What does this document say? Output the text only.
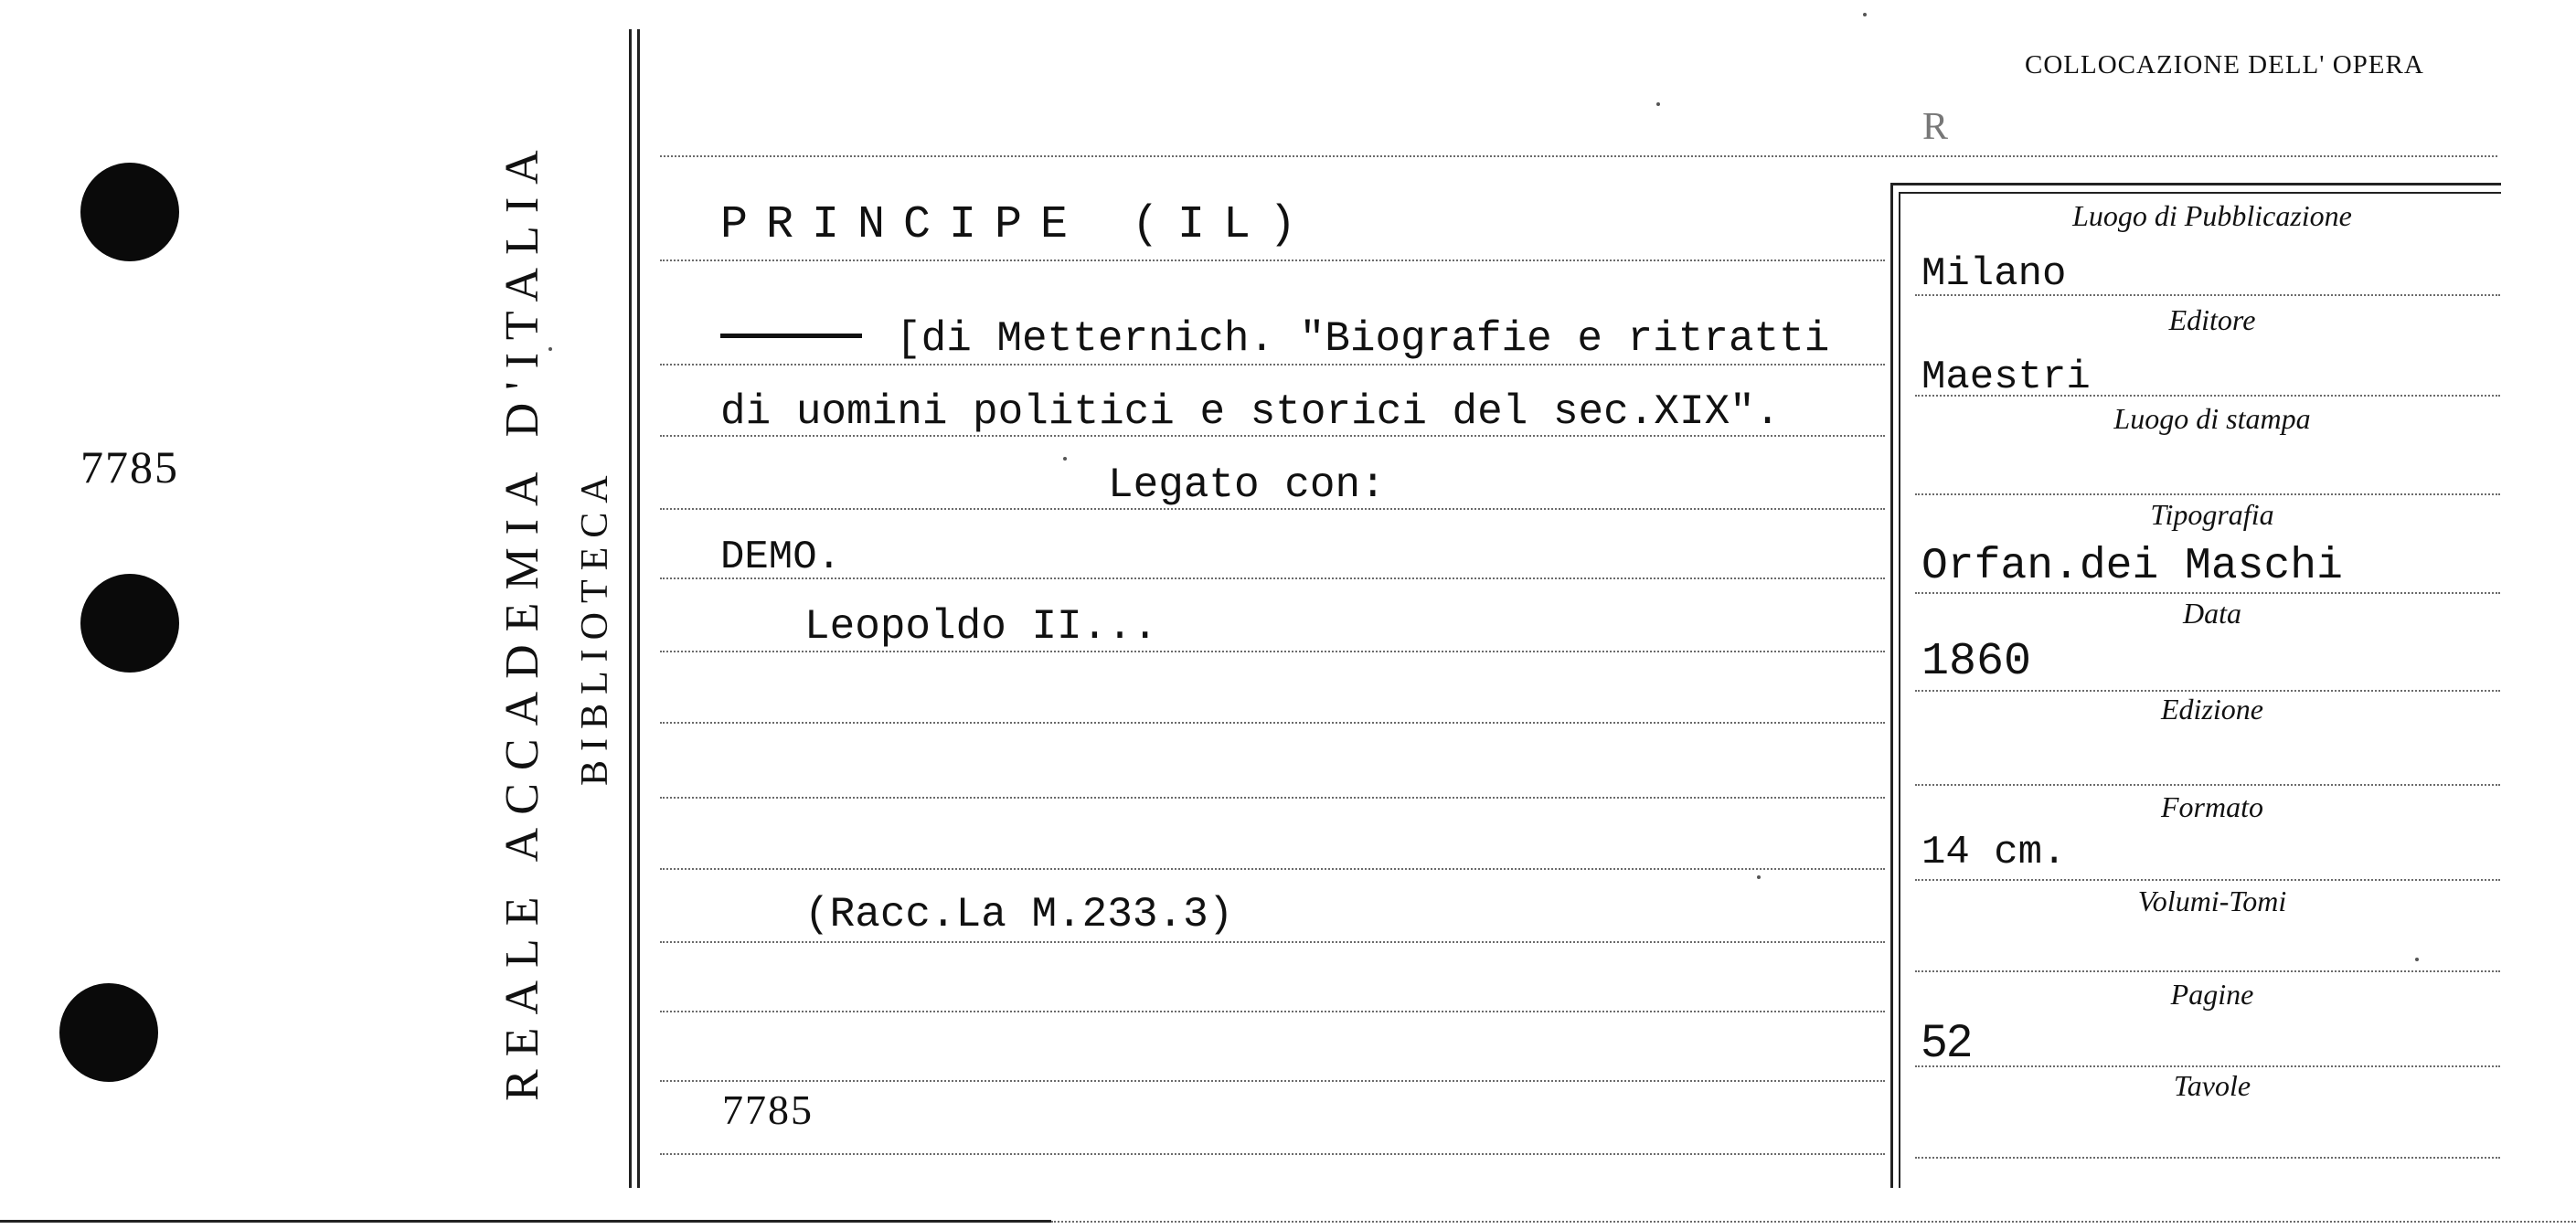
7785	REALE ACCADEMIA D'ITALIA BIBLIOTECA
COLLOCAZIONE DELL' OPERA
R
PRINCIPE (IL)
[di Metternich. "Biografie e ritratti
di uomini politici e storici del sec.XIX".
Legato con:
DEMO.
Leopoldo II...
(Racc.La M.233.3)
7785
Luogo di Pubblicazione
Milano
Editore
Maestri
Luogo di stampa
Tipografia
Orfan.dei Maschi
Data
1860
Edizione
Formato
14 cm.
Volumi-Tomi
Pagine
52
Tavole
